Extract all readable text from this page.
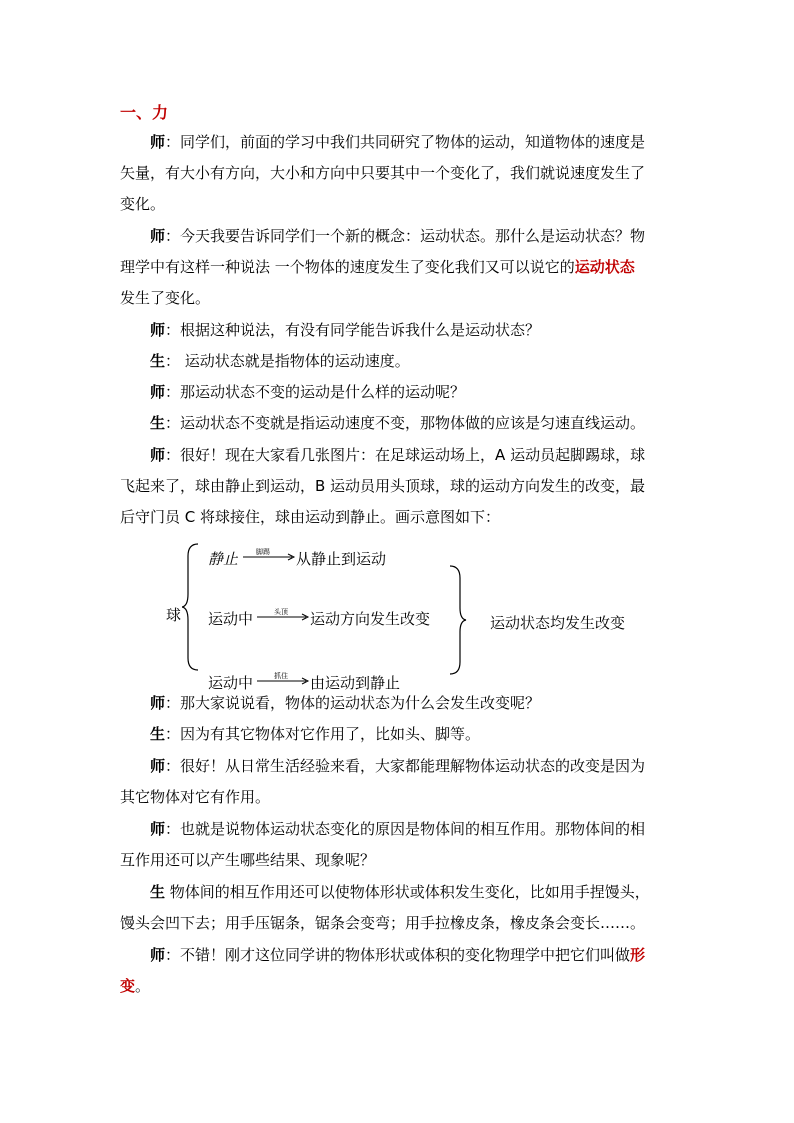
一、力

师：同学们，前面的学习中我们共同研究了物体的运动，知道物体的速度是
矢量，有大小有方向，大小和方向中只要其中一个变化了，我们就说速度发生了
变化。

师：今天我要告诉同学们一个新的概念：运动状态。那什么是运动状态？物
理学中有这样一种说法 一个物体的速度发生了变化我们又可以说它的运动状态
发生了变化。

师：根据这种说法，有没有同学能告诉我什么是运动状态？

生： 运动状态就是指物体的运动速度。

师：那运动状态不变的运动是什么样的运动呢？

生：运动状态不变就是指运动速度不变，那物体做的应该是匀速直线运动。

师：很好！现在大家看几张图片：在足球运动场上，A 运动员起脚踢球，球
飞起来了，球由静止到运动，B 运动员用头顶球，球的运动方向发生的改变，最
后守门员 C 将球接住，球由运动到静止。画示意图如下：

球
静止	脚踢 从静止到运动
运动中	头顶 运动方向发生改变
运动中	抓住 由运动到静止
运动状态均发生改变

师：那大家说说看，物体的运动状态为什么会发生改变呢？

生：因为有其它物体对它作用了，比如头、脚等。

师：很好！从日常生活经验来看，大家都能理解物体运动状态的改变是因为
其它物体对它有作用。

师：也就是说物体运动状态变化的原因是物体间的相互作用。那物体间的相
互作用还可以产生哪些结果、现象呢？

生 物体间的相互作用还可以使物体形状或体积发生变化，比如用手捏馒头，
馒头会凹下去；用手压锯条，锯条会变弯；用手拉橡皮条，橡皮条会变长……。

师：不错！刚才这位同学讲的物体形状或体积的变化物理学中把它们叫做形
变。
